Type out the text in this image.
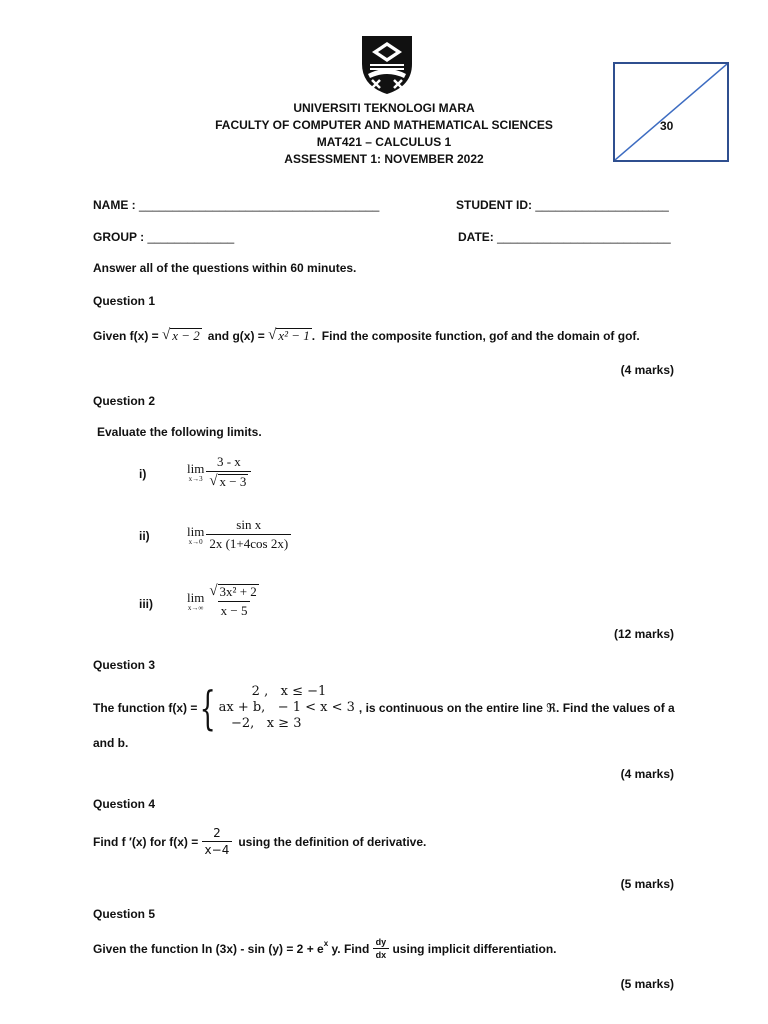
30
UNIVERSITI TEKNOLOGI MARA
FACULTY OF COMPUTER AND MATHEMATICAL SCIENCES
MAT421 – CALCULUS 1
ASSESSMENT 1: NOVEMBER 2022
NAME : ____________________________________	STUDENT ID: ____________________
GROUP : _____________	DATE: __________________________
Answer all of the questions within 60 minutes.
Question 1
Given f(x) = √ x − 2 and g(x) = √ x² − 1 .  Find the composite function, gof and the domain of gof.
(4 marks)
Question 2
Evaluate the following limits.
i)	lim
$x\to 3 \frac{3 - x}{√ x - 3}$
ii)	lim
$x\to 0 \frac{\text{sin x}}{2x (1+4\cos 2x)}$
iii)	lim
$x\to\infty \frac{\text{√ 3x² + 2}}{x - 5}$
(12 marks)
Question 3
The function f(x) = { 2 ,   x ≤ −1
ax + b,   − 1 < x < 3
−2,   x ≥ 3
, is continuous on the entire line ℜ. Find the values of a
and b.
(4 marks)
Question 4
Find f ′(x) for $f(x) = \frac{2}{x-4}$ using the definition of derivative.
(5 marks)
Question 5
Given the function $\ln (3x) - \sin (y) = 2 + e^x$ y. Find $\frac{dy}{dx}$ using implicit differentiation.
(5 marks)
